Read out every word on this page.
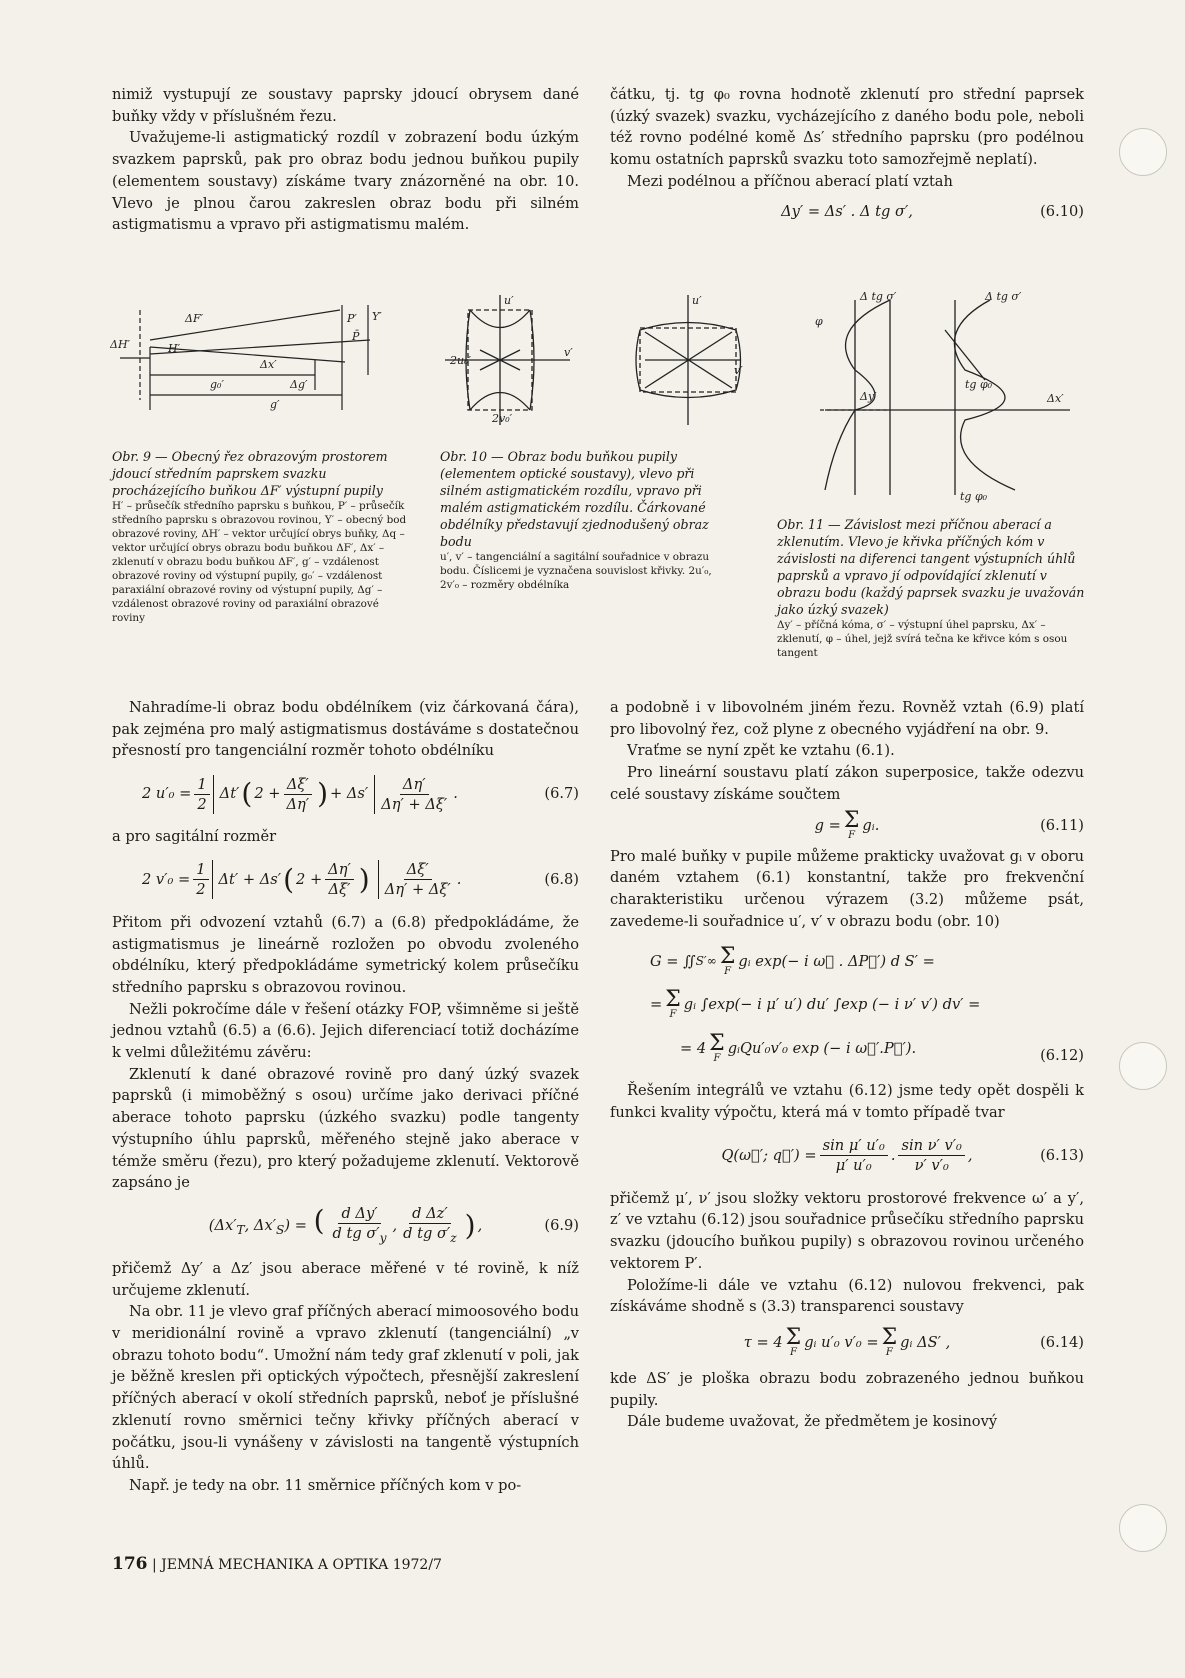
nimiž vystupují ze soustavy paprsky jdoucí obrysem dané buňky vždy v příslušném řezu.

Uvažujeme-li astigmatický rozdíl v zobrazení bodu úzkým svazkem paprsků, pak pro obraz bodu jednou buňkou pupily (elementem soustavy) získáme tvary znázorněné na obr. 10. Vlevo je plnou čarou zakreslen obraz bodu při silném astigmatismu a vpravo při astigmatismu malém.

ΔF′
H′
ΔH′
P′ Y′
P̄
Δx′
Δg′
g₀′
g′
u′
v′
2u₀′
2v₀′
u′
v′
Δ tg σ′	Δ tg σ′
φ
Δy′	Δx′
tg φ₀
tg φ₀
Obr. 9 — Obecný řez obrazovým prostorem jdoucí středním paprskem svazku procházejícího buňkou ΔF′ výstupní pupily
H′ – průsečík středního paprsku s buňkou, P′ – průsečík středního paprsku s obrazovou rovinou, Y′ – obecný bod obrazové roviny, ΔH′ – vektor určující obrys buňky, Δq – vektor určující obrys obrazu bodu buňkou ΔF′, Δx′ – zklenutí v obrazu bodu buňkou ΔF′, g′ – vzdálenost obrazové roviny od výstupní pupily, g₀′ – vzdálenost paraxiální obrazové roviny od výstupní pupily, Δg′ – vzdálenost obrazové roviny od paraxiální obrazové roviny
Obr. 10 — Obraz bodu buňkou pupily (elementem optické soustavy), vlevo při silném astigmatickém rozdílu, vpravo při malém astigmatickém rozdílu. Čárkované obdélníky představují zjednodušený obraz bodu
u′, v′ – tangenciální a sagitální souřadnice v obrazu bodu. Číslicemi je vyznačena souvislost křivky. 2u′₀, 2v′₀ – rozměry obdélníka
Obr. 11 — Závislost mezi příčnou aberací a zklenutím. Vlevo je křivka příčných kóm v závislosti na diferenci tangent výstupních úhlů paprsků a vpravo jí odpovídající zklenutí v obrazu bodu (každý paprsek svazku je uvažován jako úzký svazek)
Δy′ – příčná kóma, σ′ – výstupní úhel paprsku, Δx′ – zklenutí, φ – úhel, jejž svírá tečna ke křivce kóm s osou tangent

čátku, tj. tg φ₀ rovna hodnotě zklenutí pro střední paprsek (úzký svazek) svazku, vycházejícího z daného bodu pole, neboli též rovno podélné komě Δs′ středního paprsku (pro podélnou komu ostatních paprsků svazku toto samozřejmě neplatí).

Mezi podélnou a příčnou aberací platí vztah

Δy′ = Δs′ . Δ tg σ′,	(6.10)

Nahradíme-li obraz bodu obdélníkem (viz čárkovaná čára), pak zejména pro malý astigmatismus dostáváme s dostatečnou přesností pro tangenciální rozměr tohoto obdélníku

2 $u'_0 = \frac{1}{2} \Delta t'$ ( $2 + \frac{\Delta\xi'}{\Delta\eta'}$ ) + $\Delta s' \frac{\Delta\eta'}{\Delta\eta' + \Delta\xi'}$ .	(6.7)

a pro sagitální rozměr

2 $v'_0 = \frac{1}{2} \Delta t' + \Delta s'$ ( $2 + \frac{\Delta\eta'}{\Delta\xi'}$ ) $\frac{\Delta\xi'}{\Delta\eta' + \Delta\xi'}$ .	(6.8)

Přitom při odvození vztahů (6.7) a (6.8) předpokládáme, že astigmatismus je lineárně rozložen po obvodu zvoleného obdélníku, který předpokládáme symetrický kolem průsečíku středního paprsku s obrazovou rovinou.

Nežli pokročíme dále v řešení otázky FOP, všimněme si ještě jednou vztahů (6.5) a (6.6). Jejich diferenciací totiž docházíme k velmi důležitému závěru:

Zklenutí k dané obrazové rovině pro daný úzký svazek paprsků (i mimoběžný s osou) určíme jako derivaci příčné aberace tohoto paprsku (úzkého svazku) podle tangenty výstupního úhlu paprsků, měřeného stejně jako aberace v témže směru (řezu), pro který požadujeme zklenutí. Vektorově zapsáno je

($\Delta x'_T$, $\Delta x'_S$) = ( $\frac{\text{d Δy′}}{d tg \sigma'_y}$ , $\frac{\text{d Δz′}}{d tg \sigma'_z}$ ) ,	(6.9)

přičemž Δy′ a Δz′ jsou aberace měřené v té rovině, k níž určujeme zklenutí.

Na obr. 11 je vlevo graf příčných aberací mimoosového bodu v meridionální rovině a vpravo zklenutí (tangenciální) „v obrazu tohoto bodu“. Umožní nám tedy graf zklenutí v poli, jak je běžně kreslen při optických výpočtech, přesnější zakreslení příčných aberací v okolí středních paprsků, neboť je příslušné zklenutí rovno směrnici tečny křivky příčných aberací v počátku, jsou-li vynášeny v závislosti na tangentě výstupních úhlů.

Např. je tedy na obr. 11 směrnice příčných kom v po-

a podobně i v libovolném jiném řezu. Rovněž vztah (6.9) platí pro libovolný řez, což plyne z obecného vyjádření na obr. 9.

Vraťme se nyní zpět ke vztahu (6.1).

Pro lineární soustavu platí zákon superposice, takže odezvu celé soustavy získáme součtem

g = Σ
F
gᵢ.	(6.11)

Pro malé buňky v pupile můžeme prakticky uvažovat gᵢ v oboru daném vztahem (6.1) konstantní, takže pro frekvenční charakteristiku určenou výrazem (3.2) můžeme psát, zavedeme-li souřadnice u′, v′ v obrazu bodu (obr. 10)

G = ∬ S′∞ Σ
F
gᵢ exp(− i ω⃗ . ΔP⃗′) d S′ =
= Σ
F
gᵢ ∫exp(− i μ′ u′) du′ ∫exp (− i ν′ v′) dv′ =
= 4 Σ
F
gᵢQu′₀v′₀ exp (− i ω⃗′.P⃗′).	(6.12)

Řešením integrálů ve vztahu (6.12) jsme tedy opět dospěli k funkci kvality výpočtu, která má v tomto případě tvar

Q(ω⃗′; q⃗′) = $\frac{\text{sin μ′ u′₀}}{\text{μ′ u′₀}}$ . $\frac{\text{sin ν′ v′₀}}{\text{ν′ v′₀}}$ ,	(6.13)

přičemž μ′, ν′ jsou složky vektoru prostorové frekvence ω′ a y′, z′ ve vztahu (6.12) jsou souřadnice průsečíku středního paprsku svazku (jdoucího buňkou pupily) s obrazovou rovinou určeného vektorem P′.

Položíme-li dále ve vztahu (6.12) nulovou frekvenci, pak získáváme shodně s (3.3) transparenci soustavy

τ = 4 Σ
F
gᵢ u′₀ v′₀ = Σ
F
gᵢ ΔS′ ,	(6.14)

kde ΔS′ je ploška obrazu bodu zobrazeného jednou buňkou pupily.

Dále budeme uvažovat, že předmětem je kosinový

176 | JEMNÁ MECHANIKA A OPTIKA 1972/7
